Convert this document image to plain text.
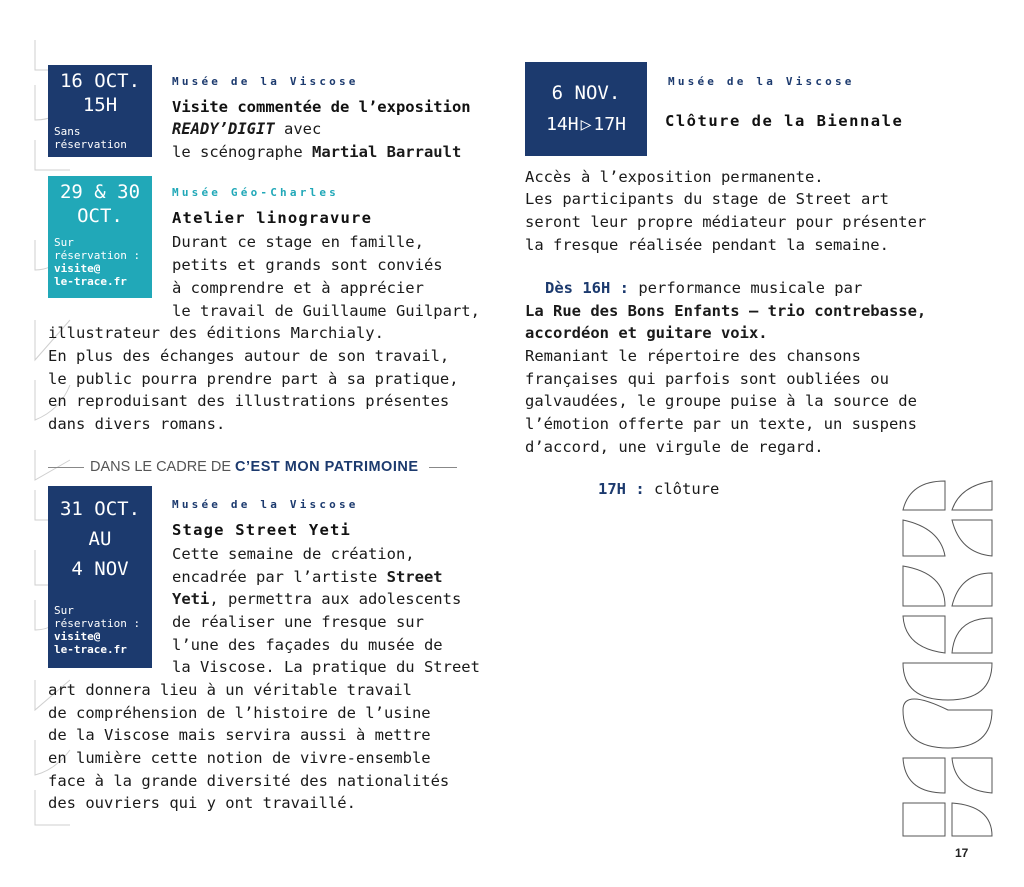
16 OCT.
15H
Sans
réservation
Musée de la Viscose
Visite commentée de l’exposition
READY’DIGIT avec
le scénographe Martial Barrault
29 & 30
OCT.
Sur
réservation :
visite@
le-trace.fr
Musée Géo-Charles
Atelier linogravure
Durant ce stage en famille,
petits et grands sont conviés
à comprendre et à apprécier
le travail de Guillaume Guilpart,
illustrateur des éditions Marchialy.
En plus des échanges autour de son travail,
le public pourra prendre part à sa pratique,
en reproduisant des illustrations présentes
dans divers romans.
DANS LE CADRE DE C’EST MON PATRIMOINE
31 OCT.
AU
4 NOV
Sur
réservation :
visite@
le-trace.fr
Musée de la Viscose
Stage Street Yeti
Cette semaine de création,
encadrée par l’artiste Street
Yeti, permettra aux adolescents
de réaliser une fresque sur
l’une des façades du musée de
la Viscose. La pratique du Street
art donnera lieu à un véritable travail
de compréhension de l’histoire de l’usine
de la Viscose mais servira aussi à mettre
en lumière cette notion de vivre-ensemble
face à la grande diversité des nationalités
des ouvriers qui y ont travaillé.
6 NOV.
14H ▷ 17H
Musée de la Viscose
Clôture de la Biennale
Accès à l’exposition permanente.
Les participants du stage de Street art
seront leur propre médiateur pour présenter
la fresque réalisée pendant la semaine.
Dès 16H : performance musicale par
La Rue des Bons Enfants – trio contrebasse,
accordéon et guitare voix.
Remaniant le répertoire des chansons
françaises qui parfois sont oubliées ou
galvaudées, le groupe puise à la source de
l’émotion offerte par un texte, un suspens
d’accord, une virgule de regard.
17H : clôture
17
